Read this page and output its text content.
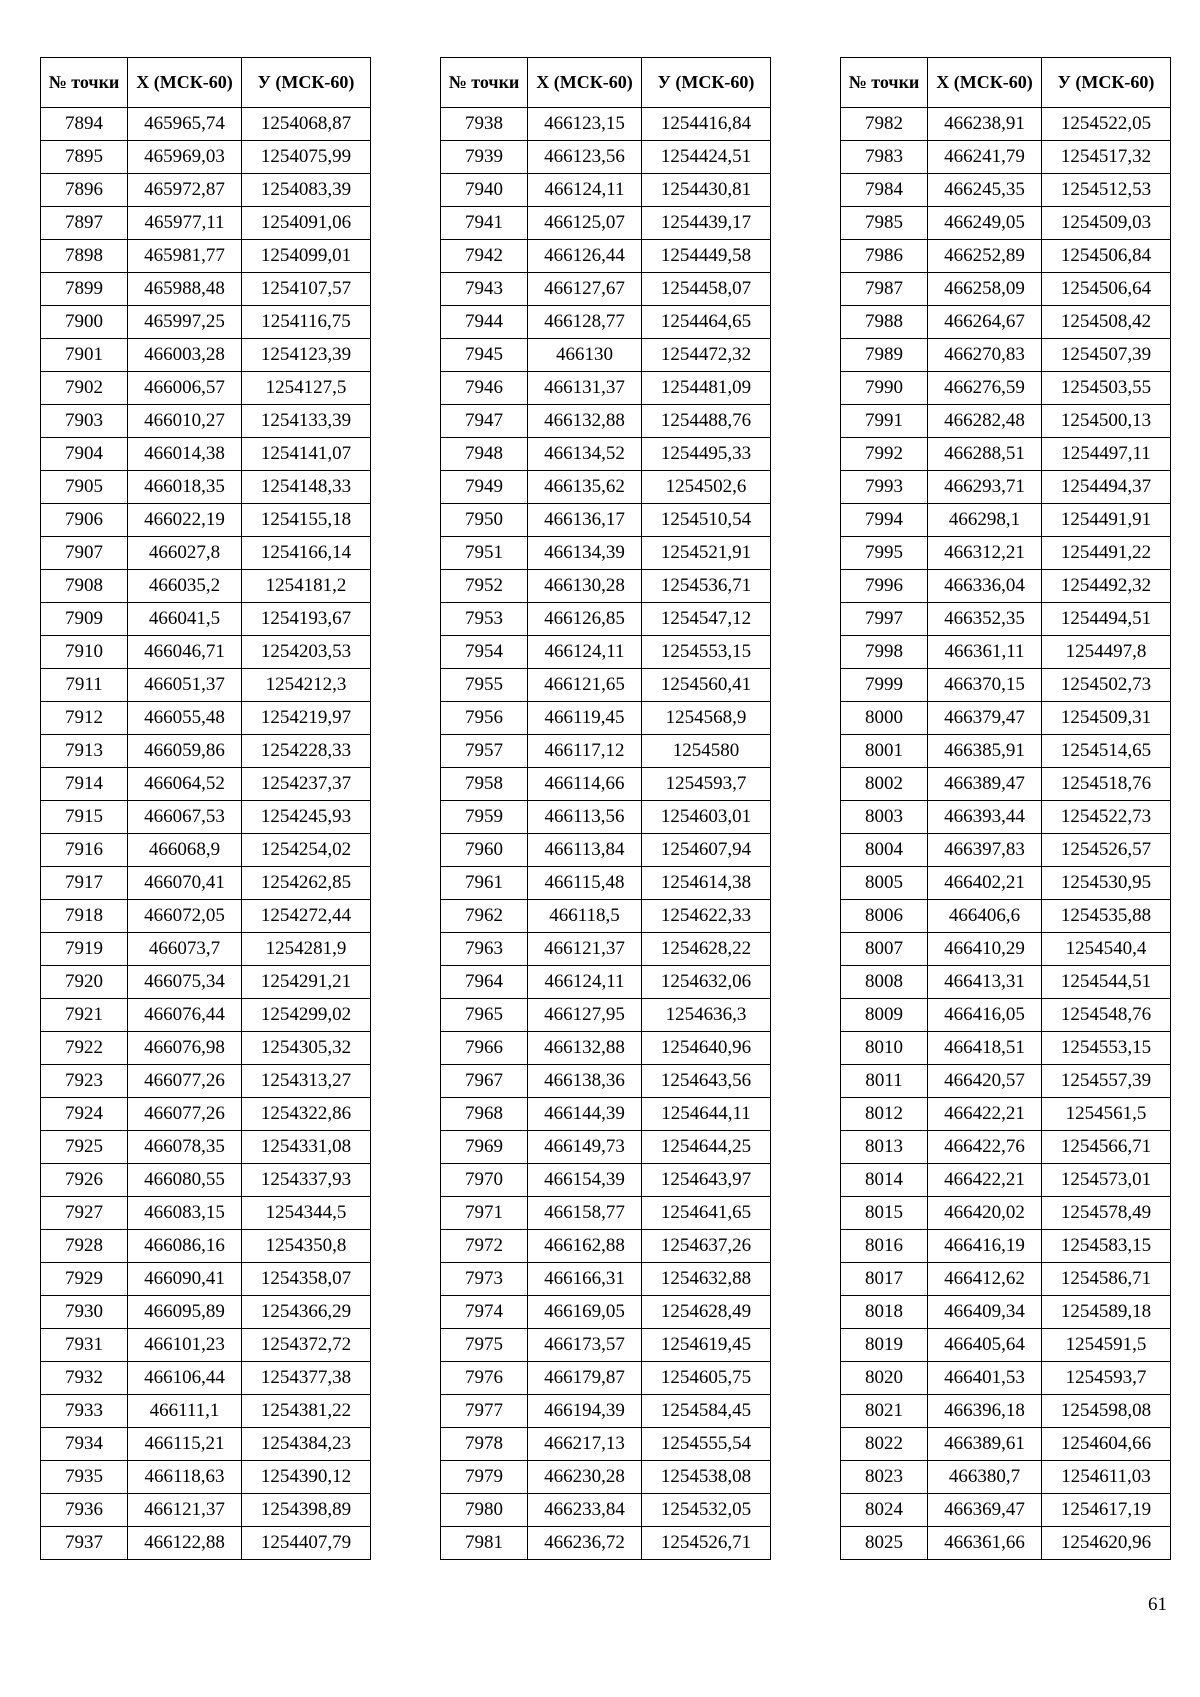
№ точки	X (МСК-60)	У (МСК-60)
7894	465965,74	1254068,87
7895	465969,03	1254075,99
7896	465972,87	1254083,39
7897	465977,11	1254091,06
7898	465981,77	1254099,01
7899	465988,48	1254107,57
7900	465997,25	1254116,75
7901	466003,28	1254123,39
7902	466006,57	1254127,5
7903	466010,27	1254133,39
7904	466014,38	1254141,07
7905	466018,35	1254148,33
7906	466022,19	1254155,18
7907	466027,8	1254166,14
7908	466035,2	1254181,2
7909	466041,5	1254193,67
7910	466046,71	1254203,53
7911	466051,37	1254212,3
7912	466055,48	1254219,97
7913	466059,86	1254228,33
7914	466064,52	1254237,37
7915	466067,53	1254245,93
7916	466068,9	1254254,02
7917	466070,41	1254262,85
7918	466072,05	1254272,44
7919	466073,7	1254281,9
7920	466075,34	1254291,21
7921	466076,44	1254299,02
7922	466076,98	1254305,32
7923	466077,26	1254313,27
7924	466077,26	1254322,86
7925	466078,35	1254331,08
7926	466080,55	1254337,93
7927	466083,15	1254344,5
7928	466086,16	1254350,8
7929	466090,41	1254358,07
7930	466095,89	1254366,29
7931	466101,23	1254372,72
7932	466106,44	1254377,38
7933	466111,1	1254381,22
7934	466115,21	1254384,23
7935	466118,63	1254390,12
7936	466121,37	1254398,89
7937	466122,88	1254407,79
№ точки	X (МСК-60)	У (МСК-60)
7938	466123,15	1254416,84
7939	466123,56	1254424,51
7940	466124,11	1254430,81
7941	466125,07	1254439,17
7942	466126,44	1254449,58
7943	466127,67	1254458,07
7944	466128,77	1254464,65
7945	466130	1254472,32
7946	466131,37	1254481,09
7947	466132,88	1254488,76
7948	466134,52	1254495,33
7949	466135,62	1254502,6
7950	466136,17	1254510,54
7951	466134,39	1254521,91
7952	466130,28	1254536,71
7953	466126,85	1254547,12
7954	466124,11	1254553,15
7955	466121,65	1254560,41
7956	466119,45	1254568,9
7957	466117,12	1254580
7958	466114,66	1254593,7
7959	466113,56	1254603,01
7960	466113,84	1254607,94
7961	466115,48	1254614,38
7962	466118,5	1254622,33
7963	466121,37	1254628,22
7964	466124,11	1254632,06
7965	466127,95	1254636,3
7966	466132,88	1254640,96
7967	466138,36	1254643,56
7968	466144,39	1254644,11
7969	466149,73	1254644,25
7970	466154,39	1254643,97
7971	466158,77	1254641,65
7972	466162,88	1254637,26
7973	466166,31	1254632,88
7974	466169,05	1254628,49
7975	466173,57	1254619,45
7976	466179,87	1254605,75
7977	466194,39	1254584,45
7978	466217,13	1254555,54
7979	466230,28	1254538,08
7980	466233,84	1254532,05
7981	466236,72	1254526,71
№ точки	X (МСК-60)	У (МСК-60)
7982	466238,91	1254522,05
7983	466241,79	1254517,32
7984	466245,35	1254512,53
7985	466249,05	1254509,03
7986	466252,89	1254506,84
7987	466258,09	1254506,64
7988	466264,67	1254508,42
7989	466270,83	1254507,39
7990	466276,59	1254503,55
7991	466282,48	1254500,13
7992	466288,51	1254497,11
7993	466293,71	1254494,37
7994	466298,1	1254491,91
7995	466312,21	1254491,22
7996	466336,04	1254492,32
7997	466352,35	1254494,51
7998	466361,11	1254497,8
7999	466370,15	1254502,73
8000	466379,47	1254509,31
8001	466385,91	1254514,65
8002	466389,47	1254518,76
8003	466393,44	1254522,73
8004	466397,83	1254526,57
8005	466402,21	1254530,95
8006	466406,6	1254535,88
8007	466410,29	1254540,4
8008	466413,31	1254544,51
8009	466416,05	1254548,76
8010	466418,51	1254553,15
8011	466420,57	1254557,39
8012	466422,21	1254561,5
8013	466422,76	1254566,71
8014	466422,21	1254573,01
8015	466420,02	1254578,49
8016	466416,19	1254583,15
8017	466412,62	1254586,71
8018	466409,34	1254589,18
8019	466405,64	1254591,5
8020	466401,53	1254593,7
8021	466396,18	1254598,08
8022	466389,61	1254604,66
8023	466380,7	1254611,03
8024	466369,47	1254617,19
8025	466361,66	1254620,96
61
